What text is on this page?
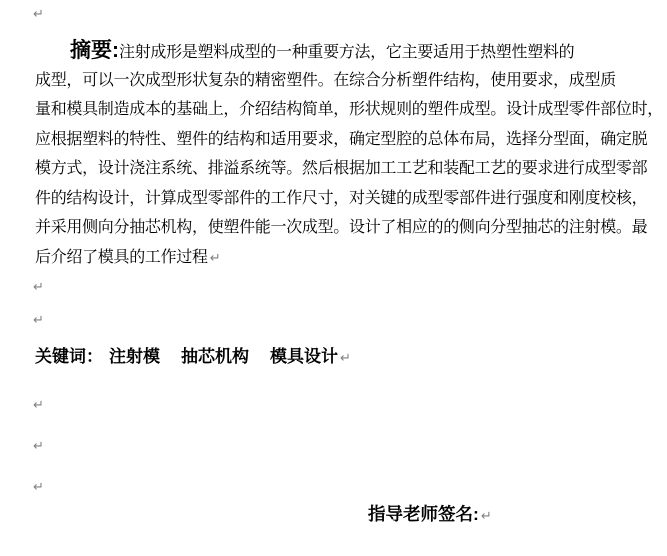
↵
摘要:注射成形是塑料成型的一种重要方法，它主要适用于热塑性塑料的
成型，可以一次成型形状复杂的精密塑件。在综合分析塑件结构，使用要求，成型质
量和模具制造成本的基础上，介绍结构简单，形状规则的塑件成型。设计成型零件部位时，
应根据塑料的特性、塑件的结构和适用要求，确定型腔的总体布局，选择分型面，确定脱
模方式，设计浇注系统、排溢系统等。然后根据加工工艺和装配工艺的要求进行成型零部
件的结构设计，计算成型零部件的工作尺寸，对关键的成型零部件进行强度和刚度校核，
并采用侧向分抽芯机构，使塑件能一次成型。设计了相应的的侧向分型抽芯的注射模。最
后介绍了模具的工作过程 ↵
↵
↵
关键词： 注射模 抽芯机构 模具设计 ↵
↵
↵
↵
指导老师签名: ↵
